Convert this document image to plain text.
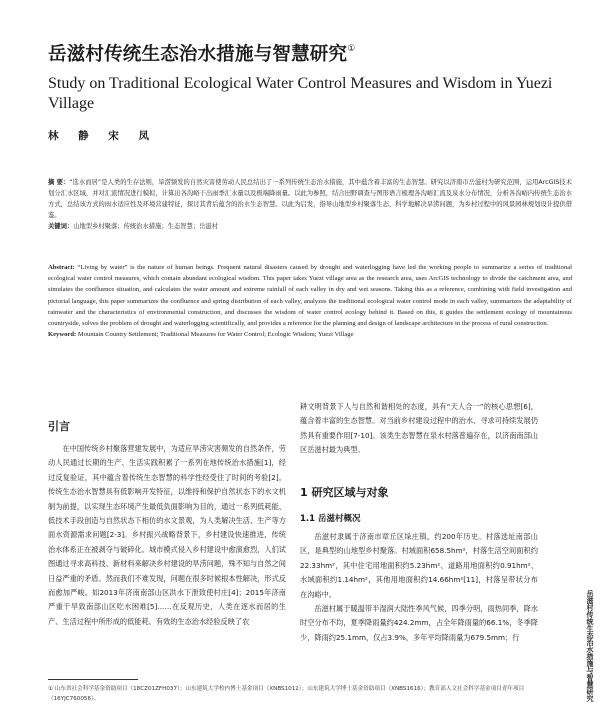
岳滋村传统生态治水措施与智慧研究①
Study on Traditional Ecological Water Control Measures and Wisdom in Yuezi Village
林 静 宋 凤
摘 要：“选水而居”是人类的生存法则，旱涝频发的自然灾害使劳动人民总结出了一系列传统生态治水措施，其中蕴含着丰富的生态智慧。研究以济南市岳滋村为研究范围，运用ArcGIS技术划分汇水区域，并对汇流情况进行模拟，计算出各沟峪干出雨季汇水量以及极端降雨量。以此为参照，结合田野调查与图形语言梳理各沟峪汇流及泉水分布情况，分析各沟峪内传统生态治水方式，总结该方式的雨水适应性及环境营建特征，探讨其背后蕴含的治水生态智慧。以此为启发，指导山地型乡村聚落生态、科学地解决旱涝问题，为乡村过程中的风景园林规划设计提供借鉴。
关键词：山地型乡村聚落；传统治水措施；生态智慧；岳滋村
Abstract: “Living by water” is the nature of human beings. Frequent natural disasters caused by drought and waterlogging have led the working people to summarize a series of traditional ecological water control measures, which contain abundant ecological wisdom. This paper takes Yuezi village area as the research area, uses ArcGIS technology to divide the catchment area, and simulates the confluence situation, and calculates the water amount and extreme rainfall of each valley in dry and wet seasons. Taking this as a reference, combining with field investigation and pictorial language, this paper summarizes the confluence and spring distribution of each valley, analyzes the traditional ecological water control mode in each valley, summarizes the adaptability of rainwater and the characteristics of environmental construction, and discusses the wisdom of water control ecology behind it. Based on this, it guides the settlement ecology of mountainous countryside, solves the problem of drought and waterlogging scientifically, and provides a reference for the planning and design of landscape architecture in the process of rural construction.
Keyword: Mountain Country Settlement; Traditional Measures for Water Control; Ecologic Wisdom; Yuezi Village
引言

在中国传统乡村聚落营建发展中，为适应旱涝灾害频发的自然条件，劳动人民通过长期的生产、生活实践积累了一系列在地传统治水措施[1]，经过反复验证，其中蕴含着传统生态智慧的科学性经受住了时间的考验[2]。传统生态治水智慧具有低影响开发特征，以维持和保护自然状态下的水文机制为前提，以实现生态环境产生最低负面影响为目的，通过一系列低耗能、低技术手段创造与自然状态下相仿的水文景观，为人类解决生活、生产等方面水资源需求问题[2-3]。乡村振兴战略背景下，乡村建设快速推进，传统治水体系正在被剥夺与破碎化。城市模式侵入乡村建设中愈演愈烈，人们试图通过寻求高科技、新材料来解决乡村建设的旱涝问题，殊不知与自然之间日益严重的矛盾。然而我们不难发现，问题在很多时候根本性解决，形式反而愈加严峻。如2013年济南南部山区洪水下泄致使村庄[4]；2015年济南严重干旱致南部山区吃水困难[5]……在反观历史，人类在逐水而居的生产、生活过程中所形成的低能耗、有效的生态治水经验反映了农

耕文明背景下人与自然和谐相处的态度，具有“天人合一”的核心思想[6]，蕴含着丰富的生态智慧。对当前乡村建设过程中的治水、寻求可持续发展仍然具有重要作用[7-10]。该类生态智慧在泉水村落普遍存在，以济南南部山区岳滋村最为典型。

1 研究区域与对象
1.1 岳滋村概况

岳滋村隶属于济南市章丘区垛庄镇，约200年历史。村落选址南部山区，是典型的山地型乡村聚落。村域面积658.5hm²，村落生活空间面积约22.33hm²，其中住宅用地面积约5.23hm²、道路用地面积约0.91hm²、水域面积约1.14hm²，其他用地面积约14.66hm²[11]，村落呈带状分布在沟峪中。

岳滋村属于暖温带半湿润大陆性季风气候，四季分明，雨热同季，降水时空分布不均，夏季降雨量约424.2mm，占全年降雨量的66.1%，冬季降少，降雨约25.1mm，仅占3.9%，多年平均降雨量为679.5mm；行

① 山东省社会科学基金资助项目（18CZ01ZFH037）；山东建筑大学校内博士基金项目（XNBS1012）；山东建筑大学博士基金资助项目（XNBS1616）；教育部人文社会科学基金项目青年项目（16YJC760056）。	岳滋村传统生态治水措施与智慧研究
